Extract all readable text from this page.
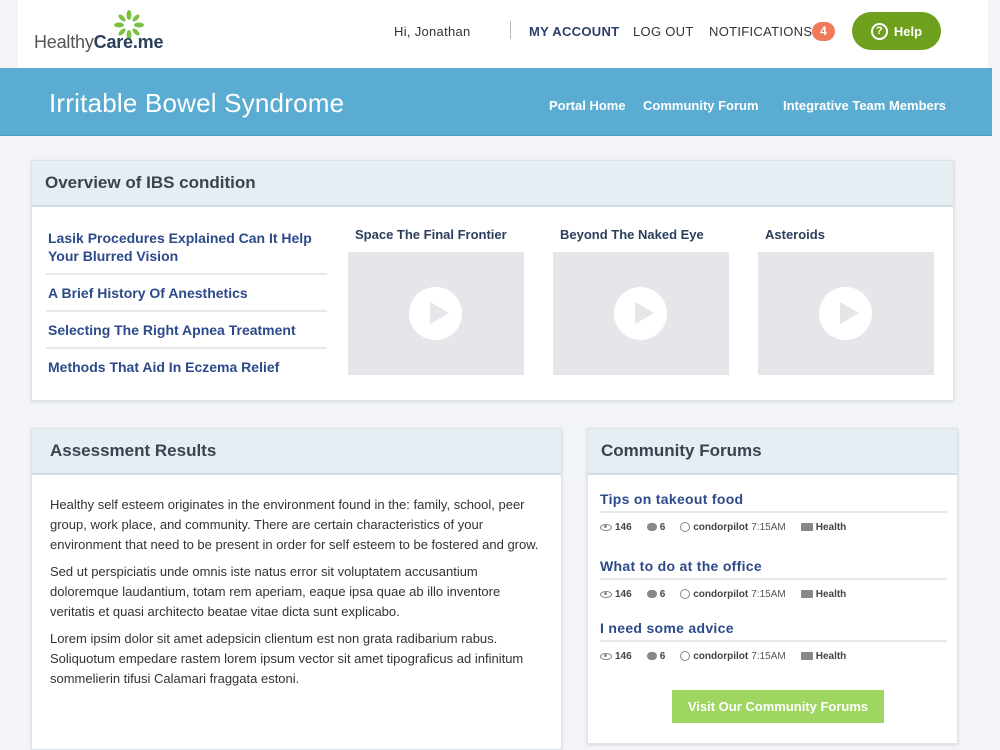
HealthyCare.me
Hi, Jonathan	MY ACCOUNT LOG OUT NOTIFICATIONS 4	? Help
Irritable Bowel Syndrome	Portal Home Community Forum Integrative Team Members
Overview of IBS condition
Lasik Procedures Explained Can It Help Your Blurred Vision
A Brief History Of Anesthetics
Selecting The Right Apnea Treatment
Methods That Aid In Eczema Relief
Space The Final Frontier	Beyond The Naked Eye	Asteroids
Assessment Results

Healthy self esteem originates in the environment found in the: family, school, peer group, work place, and community. There are certain characteristics of your environment that need to be present in order for self esteem to be fostered and grow.

Sed ut perspiciatis unde omnis iste natus error sit voluptatem accusantium doloremque laudantium, totam rem aperiam, eaque ipsa quae ab illo inventore veritatis et quasi architecto beatae vitae dicta sunt explicabo.

Lorem ipsim dolor sit amet adepsicin clientum est non grata radibarium rabus. Soliquotum empedare rastem lorem ipsum vector sit amet tipograficus ad infinitum sommelierin tifusi Calamari fraggata estoni.

Community Forums
Tips on takeout food
146	6	condorpilot 7:15AM	Health
What to do at the office
146	6	condorpilot 7:15AM	Health
I need some advice
146	6	condorpilot 7:15AM	Health
Visit Our Community Forums
